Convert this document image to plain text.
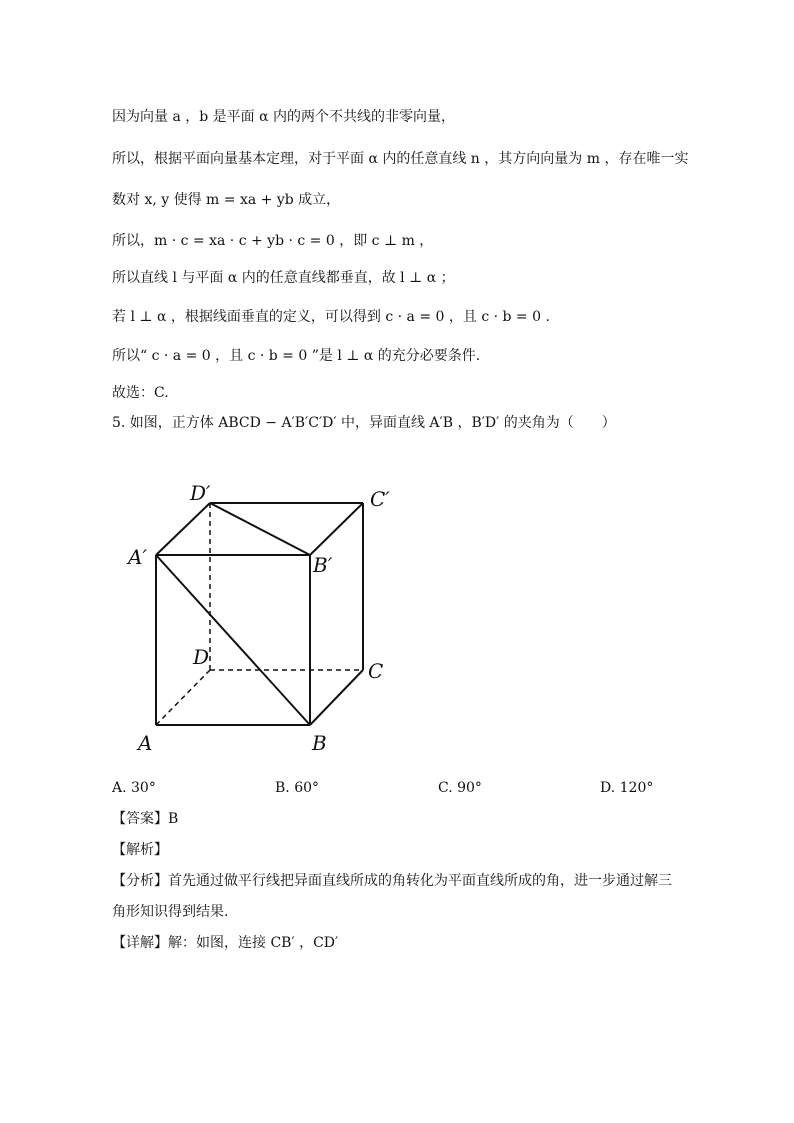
因为向量 a ，b 是平面 α 内的两个不共线的非零向量，
所以，根据平面向量基本定理，对于平面 α 内的任意直线 n ，其方向向量为 m ，存在唯一实
数对 x, y 使得 m = xa + yb 成立，
所以，m · c = xa · c + yb · c = 0 ，即 c ⊥ m ，
所以直线 l 与平面 α 内的任意直线都垂直，故 l ⊥ α ；
若 l ⊥ α ，根据线面垂直的定义，可以得到 c · a = 0 ，且 c · b = 0 .
所以“ c · a = 0 ，且 c · b = 0 ”是 l ⊥ α 的充分必要条件.
故选：C.
5. 如图，正方体 ABCD − A′B′C′D′ 中，异面直线 A′B ，B′D′ 的夹角为（　　）
D′	C′
A′	B′
D
C
A	B
A. 30°	B. 60°	C. 90°	D. 120°
【答案】B
【解析】
【分析】首先通过做平行线把异面直线所成的角转化为平面直线所成的角，进一步通过解三
角形知识得到结果.
【详解】解：如图，连接 CB′ ，CD′
